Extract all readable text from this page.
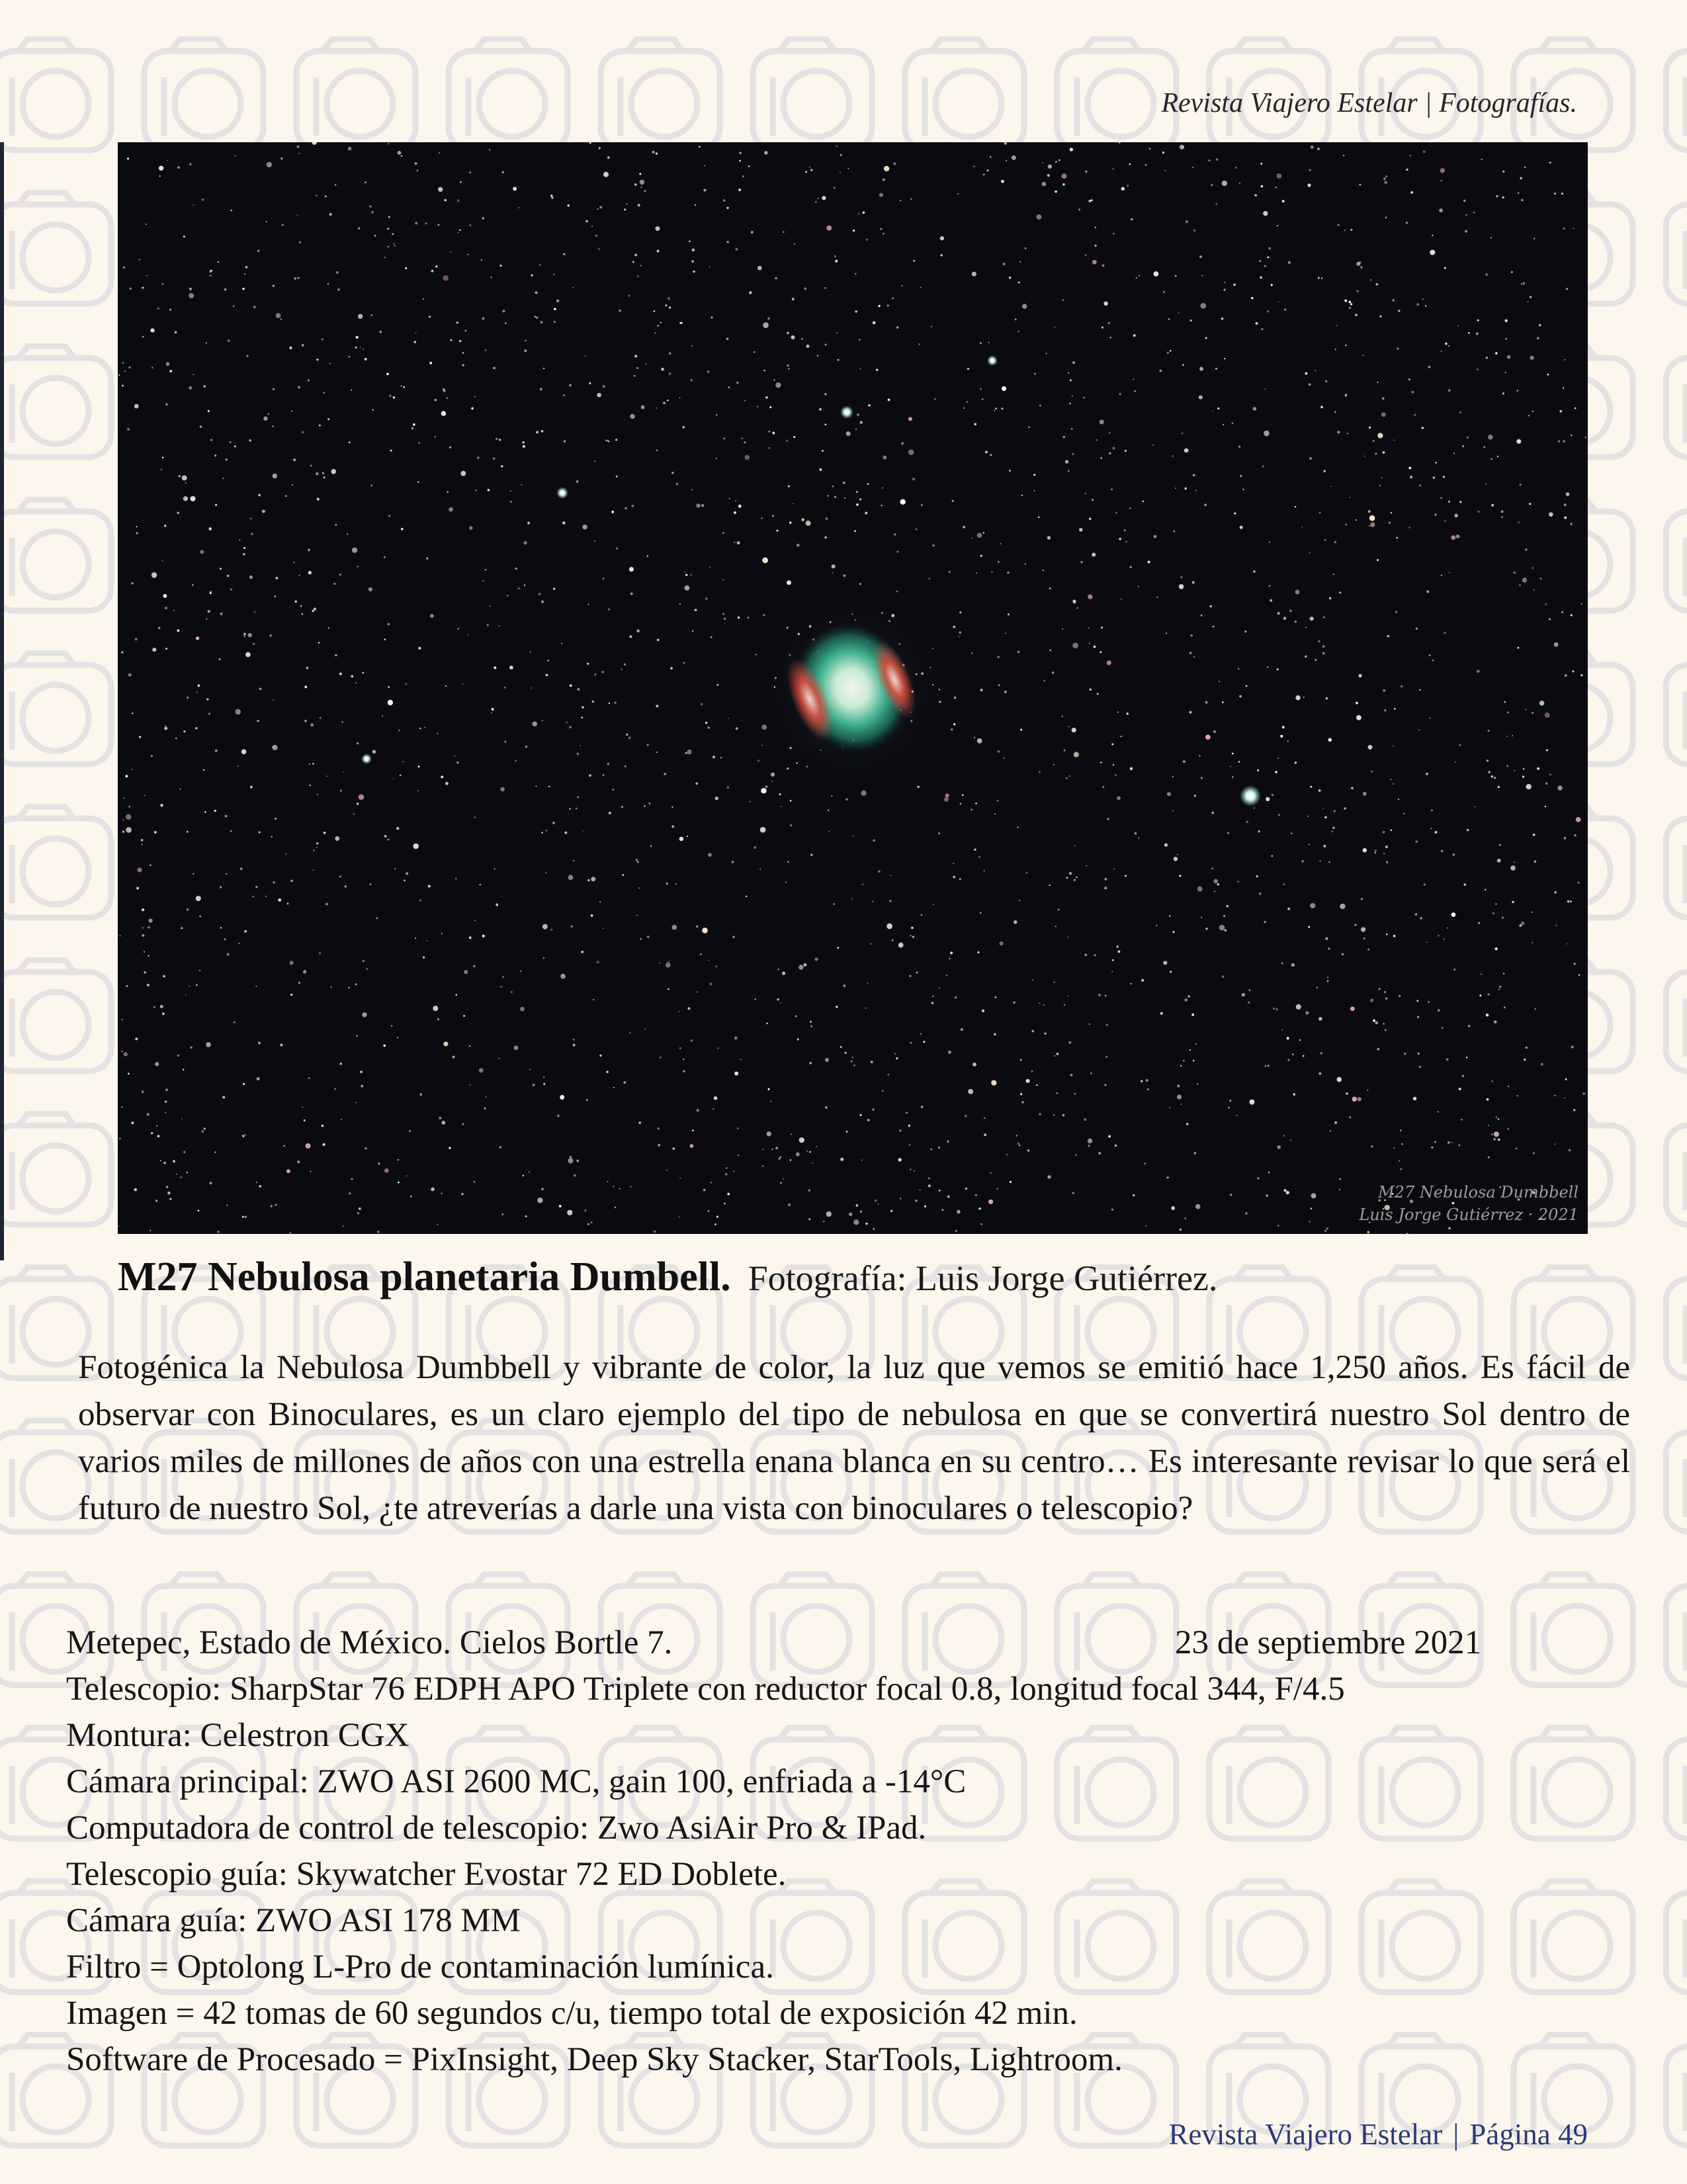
Revista Viajero Estelar | Fotografías.
M27 Nebulosa Dumbbell
Luis Jorge Gutiérrez · 2021
M27 Nebulosa planetaria Dumbell. Fotografía: Luis Jorge Gutiérrez.
Fotogénica la Nebulosa Dumbbell y vibrante de color, la luz que vemos se emitió hace 1,250 años. Es fácil de observar con Binoculares, es un claro ejemplo del tipo de nebulosa en que se convertirá nuestro Sol dentro de varios miles de millones de años con una estrella enana blanca en su centro… Es interesante revisar lo que será el futuro de nuestro Sol, ¿te atreverías a darle una vista con binoculares o telescopio?
Metepec, Estado de México. Cielos Bortle 7.	23 de septiembre 2021
Telescopio: SharpStar 76 EDPH APO Triplete con reductor focal 0.8, longitud focal 344, F/4.5
Montura: Celestron CGX
Cámara principal: ZWO ASI 2600 MC, gain 100, enfriada a -14°C
Computadora de control de telescopio: Zwo AsiAir Pro & IPad.
Telescopio guía: Skywatcher Evostar 72 ED Doblete.
Cámara guía: ZWO ASI 178 MM
Filtro = Optolong L-Pro de contaminación lumínica.
Imagen = 42 tomas de 60 segundos c/u, tiempo total de exposición 42 min.
Software de Procesado = PixInsight, Deep Sky Stacker, StarTools, Lightroom.
Revista Viajero Estelar | Página 49
